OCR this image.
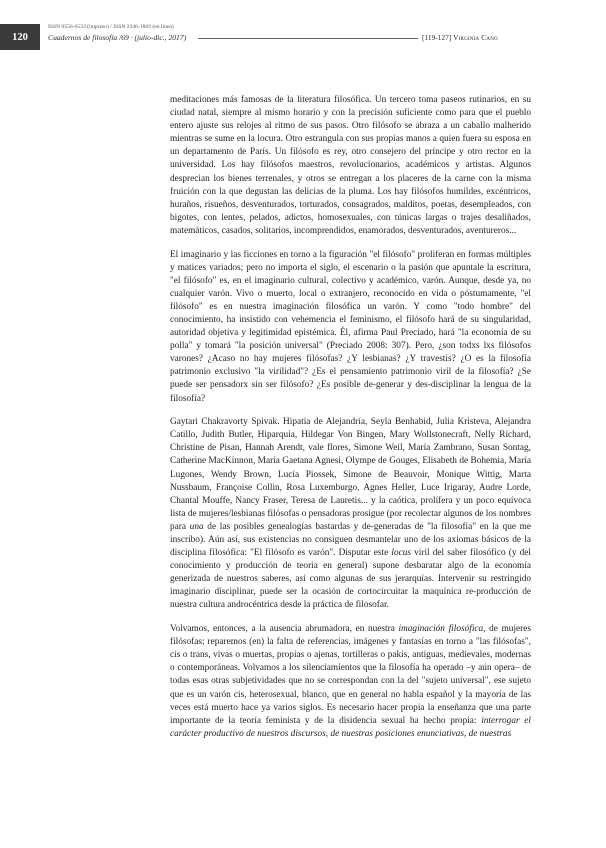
120
ISSN 0556-6533 (impreso) / ISSN 2346-1869 (en línea)
Cuadernos de filosofía /69 · (julio-dic., 2017)	[119-127] Virginia Cano

meditaciones más famosas de la literatura filosófica. Un tercero toma paseos rutinarios, en su ciudad natal, siempre al mismo horario y con la precisión suficiente como para que el pueblo entero ajuste sus relojes al ritmo de sus pasos. Otro filósofo se abraza a un caballo malherido mientras se sume en la locura. Otro estrangula con sus propias manos a quien fuera su esposa en un departamento de París. Un filósofo es rey, otro consejero del príncipe y otro rector en la universidad. Los hay filósofos maestros, revolucionarios, académicos y artistas. Algunos desprecian los bienes terrenales, y otros se entregan a los placeres de la carne con la misma fruición con la que degustan las delicias de la pluma. Los hay filósofos humildes, excéntricos, huraños, risueños, desventurados, torturados, consagrados, malditos, poetas, desempleados, con bigotes, con lentes, pelados, adictos, homosexuales, con túnicas largas o trajes desaliñados, matemáticos, casados, solitarios, incomprendidos, enamorados, desventurados, aventureros...

El imaginario y las ficciones en torno a la figuración "el filósofo" proliferan en formas múltiples y matices variados; pero no importa el siglo, el escenario o la pasión que apuntale la escritura, "el filósofo" es, en el imaginario cultural, colectivo y académico, varón. Aunque, desde ya, no cualquier varón. Vivo o muerto, local o extranjero, reconocido en vida o póstumamente, "el filósofo" es en nuestra imaginación filosófica un varón. Y como "todo hombre" del conocimiento, ha insistido con vehemencia el feminismo, el filósofo hará de su singularidad, autoridad objetiva y legitimidad epistémica. Él, afirma Paul Preciado, hará "la economía de su polla" y tomará "la posición universal" (Preciado 2008: 307). Pero, ¿son todxs lxs filósofos varones? ¿Acaso no hay mujeres filósofas? ¿Y lesbianas? ¿Y travestis? ¿O es la filosofía patrimonio exclusivo "la virilidad"? ¿Es el pensamiento patrimonio viril de la filosofía? ¿Se puede ser pensadorx sin ser filósofo? ¿Es posible de-generar y des-disciplinar la lengua de la filosofía?

Gaytari Chakravorty Spivak. Hipatia de Alejandría, Seyla Benhabid, Julia Kristeva, Alejandra Catillo, Judith Butler, Hiparquia, Hildegar Von Bingen, Mary Wollstonecraft, Nelly Richard, Christine de Pisan, Hannah Arendt, vale flores, Simone Weil, María Zambrano, Susan Sontag, Catherine MacKinnon, María Gaetana Agnesi, Olympe de Gouges, Elisabeth de Bohemia, María Lugones, Wendy Brown, Lucía Piossek, Simone de Beauvoir, Monique Wittig, Marta Nussbaum, Françoise Collin, Rosa Luxemburgo, Agnes Heller, Luce Irigaray, Audre Lorde, Chantal Mouffe, Nancy Fraser, Teresa de Lauretis... y la caótica, prolífera y un poco equívoca lista de mujeres/lesbianas filósofas o pensadoras prosigue (por recolectar algunos de los nombres para una de las posibles genealogías bastardas y de-generadas de "la filosofía" en la que me inscribo). Aún así, sus existencias no consiguen desmantelar uno de los axiomas básicos de la disciplina filosófica: "El filósofo es varón". Disputar este locus viril del saber filosófico (y del conocimiento y producción de teoría en general) supone desbaratar algo de la economía generizada de nuestros saberes, así como algunas de sus jerarquías. Intervenir su restringido imaginario disciplinar, puede ser la ocasión de cortocircuitar la maquínica re-producción de nuestra cultura androcéntrica desde la práctica de filosofar.

Volvamos, entonces, a la ausencia abrumadora, en nuestra imaginación filosófica, de mujeres filósofas; reparemos (en) la falta de referencias, imágenes y fantasías en torno a "las filósofas", cis o trans, vivas o muertas, propias o ajenas, tortilleras o pakis, antiguas, medievales, modernas o contemporáneas. Volvamos a los silenciamientos que la filosofía ha operado –y aún opera– de todas esas otras subjetividades que no se correspondan con la del "sujeto universal", ese sujeto que es un varón cis, heterosexual, blanco, que en general no habla español y la mayoría de las veces está muerto hace ya varios siglos. Es necesario hacer propia la enseñanza que una parte importante de la teoría feminista y de la disidencia sexual ha hecho propia: interrogar el carácter productivo de nuestros discursos, de nuestras posiciones enunciativas, de nuestras
